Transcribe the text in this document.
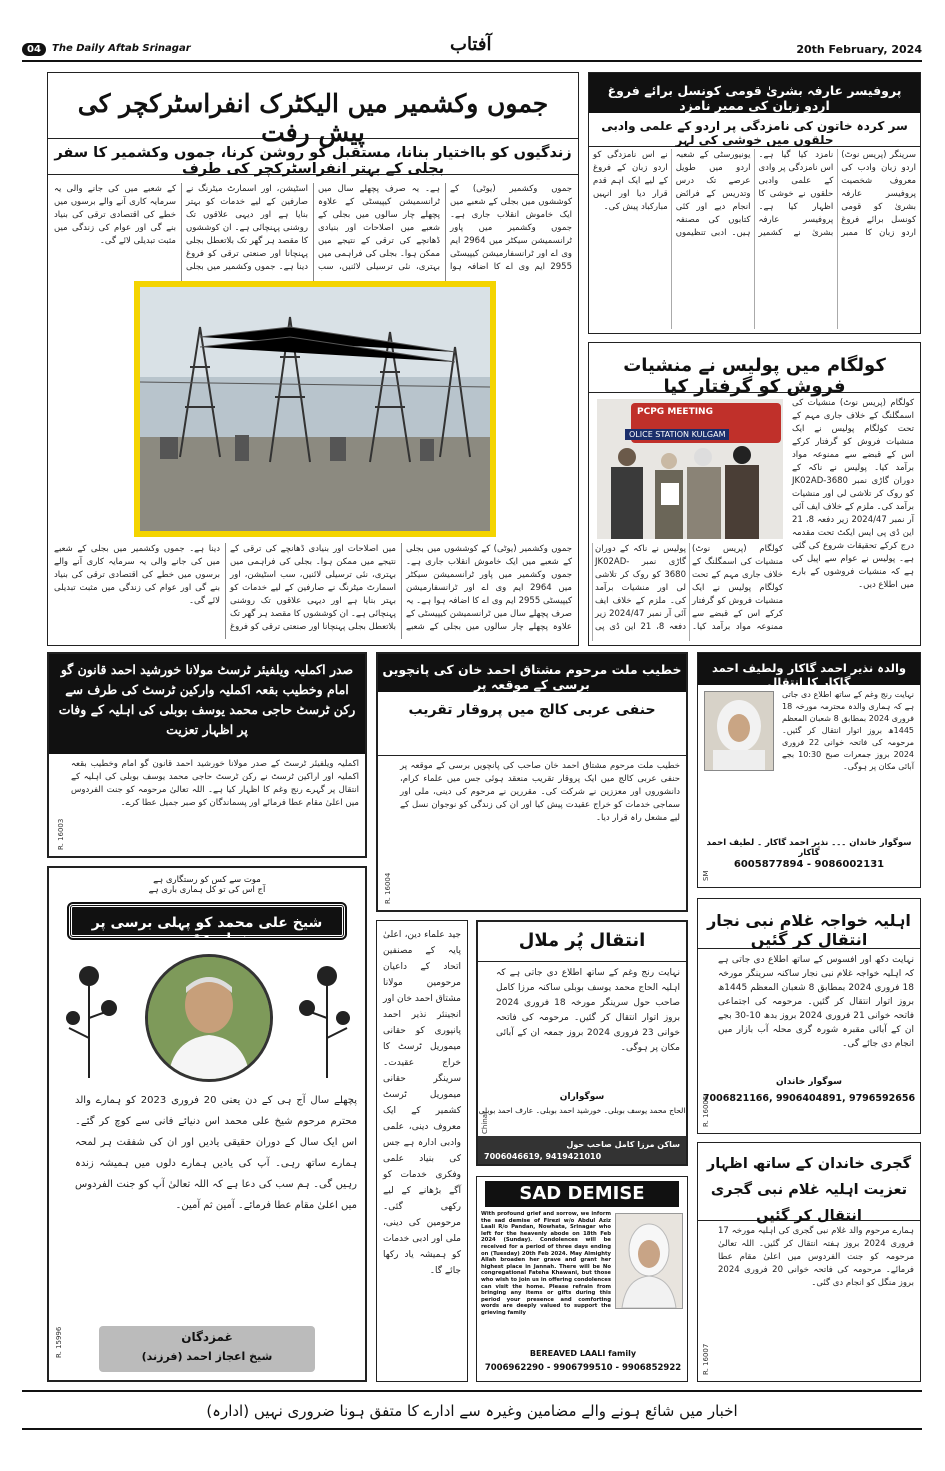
04	The Daily Aftab Srinagar	آفتاب	20th February, 2024
جموں وکشمیر میں الیکٹرک انفراسٹرکچر کی پیش رفت
زندگیوں کو بااختیار بنانا، مستقبل کو روشن کرنا، جموں وکشمیر کا سفر بجلی کے بہتر انفراسٹرکچر کی طرف
جموں وکشمیر (یوٹی) کے کوششوں میں بجلی کے شعبے میں ایک خاموش انقلاب جاری ہے۔ جموں وکشمیر میں پاور ٹرانسمیشن سیکٹر میں 2964 ایم وی اے اور ٹرانسفارمیشن کیپیسٹی 2955 ایم وی اے کا اضافہ ہوا ہے۔ یہ صرف پچھلے سال میں ٹرانسمیشن کیپیسٹی کے علاوہ پچھلے چار سالوں میں بجلی کے شعبے میں اصلاحات اور بنیادی ڈھانچے کی ترقی کے نتیجے میں ممکن ہوا۔ بجلی کی فراہمی میں بہتری، نئی ترسیلی لائنیں، سب اسٹیشن، اور اسمارٹ میٹرنگ نے صارفین کے لیے خدمات کو بہتر بنایا ہے اور دیہی علاقوں تک روشنی پہنچائی ہے۔ ان کوششوں کا مقصد ہر گھر تک بلاتعطل بجلی پہنچانا اور صنعتی ترقی کو فروغ دینا ہے۔ جموں وکشمیر میں بجلی کے شعبے میں کی جانے والی یہ سرمایہ کاری آنے والے برسوں میں خطے کی اقتصادی ترقی کی بنیاد بنے گی اور عوام کی زندگی میں مثبت تبدیلی لائے گی۔
جموں وکشمیر (یوٹی) کے کوششوں میں بجلی کے شعبے میں ایک خاموش انقلاب جاری ہے۔ جموں وکشمیر میں پاور ٹرانسمیشن سیکٹر میں 2964 ایم وی اے اور ٹرانسفارمیشن کیپیسٹی 2955 ایم وی اے کا اضافہ ہوا ہے۔ یہ صرف پچھلے سال میں ٹرانسمیشن کیپیسٹی کے علاوہ پچھلے چار سالوں میں بجلی کے شعبے میں اصلاحات اور بنیادی ڈھانچے کی ترقی کے نتیجے میں ممکن ہوا۔ بجلی کی فراہمی میں بہتری، نئی ترسیلی لائنیں، سب اسٹیشن، اور اسمارٹ میٹرنگ نے صارفین کے لیے خدمات کو بہتر بنایا ہے اور دیہی علاقوں تک روشنی پہنچائی ہے۔ ان کوششوں کا مقصد ہر گھر تک بلاتعطل بجلی پہنچانا اور صنعتی ترقی کو فروغ دینا ہے۔ جموں وکشمیر میں بجلی کے شعبے میں کی جانے والی یہ سرمایہ کاری آنے والے برسوں میں خطے کی اقتصادی ترقی کی بنیاد بنے گی اور عوام کی زندگی میں مثبت تبدیلی لائے گی۔
پروفیسر عارفہ بشریٰ قومی کونسل برائے فروغ اردو زبان کی ممبر نامزد
سر کردہ خاتون کی نامزدگی پر اردو کے علمی وادبی حلقوں میں خوشی کی لہر
سرینگر (پریس نوٹ) اردو زبان وادب کی معروف شخصیت پروفیسر عارفہ بشریٰ کو قومی کونسل برائے فروغ اردو زبان کا ممبر نامزد کیا گیا ہے۔ اس نامزدگی پر وادی کے علمی وادبی حلقوں نے خوشی کا اظہار کیا ہے۔ پروفیسر عارفہ بشریٰ نے کشمیر یونیورسٹی کے شعبہ اردو میں طویل عرصے تک درس وتدریس کے فرائض انجام دیے اور کئی کتابوں کی مصنفہ ہیں۔ ادبی تنظیموں نے اس نامزدگی کو اردو زبان کے فروغ کے لیے ایک اہم قدم قرار دیا اور انہیں مبارکباد پیش کی۔
کولگام میں پولیس نے منشیات فروش کو گرفتار کیا
کولگام (پریس نوٹ) منشیات کی اسمگلنگ کے خلاف جاری مہم کے تحت کولگام پولیس نے ایک منشیات فروش کو گرفتار کرکے اس کے قبضے سے ممنوعہ مواد برآمد کیا۔ پولیس نے ناکہ کے دوران گاڑی نمبر JK02AD-3680 کو روک کر تلاشی لی اور منشیات برآمد کی۔ ملزم کے خلاف ایف آئی آر نمبر 2024/47 زیر دفعہ 8، 21 این ڈی پی ایس ایکٹ تحت مقدمہ درج کرکے تحقیقات شروع کی گئی ہے۔ پولیس نے عوام سے اپیل کی ہے کہ منشیات فروشوں کے بارے میں اطلاع دیں۔
PCPG MEETING
OLICE STATION KULGAM
کولگام (پریس نوٹ) منشیات کی اسمگلنگ کے خلاف جاری مہم کے تحت کولگام پولیس نے ایک منشیات فروش کو گرفتار کرکے اس کے قبضے سے ممنوعہ مواد برآمد کیا۔ پولیس نے ناکہ کے دوران گاڑی نمبر JK02AD-3680 کو روک کر تلاشی لی اور منشیات برآمد کی۔ ملزم کے خلاف ایف آئی آر نمبر 2024/47 زیر دفعہ 8، 21 این ڈی پی
صدر اکملیہ ویلفیئر ٹرسٹ مولانا خورشید احمد قانون گو امام وخطیب بقعہ اکملیہ وارکین ٹرسٹ کی طرف سے رکن ٹرسٹ حاجی محمد یوسف بوبلی کی اہلیہ کے وفات پر اظہار تعزیت
اکملیہ ویلفیئر ٹرسٹ کے صدر مولانا خورشید احمد قانون گو امام وخطیب بقعہ اکملیہ اور اراکین ٹرسٹ نے رکن ٹرسٹ حاجی محمد یوسف بوبلی کی اہلیہ کے انتقال پر گہرے رنج وغم کا اظہار کیا ہے۔ اللہ تعالیٰ مرحومہ کو جنت الفردوس میں اعلیٰ مقام عطا فرمائے اور پسماندگان کو صبر جمیل عطا کرے۔
R. 16003
خطیب ملت مرحوم مشتاق احمد خان کی پانچویں برسی کے موقعہ پر
حنفی عربی کالج میں پروقار تقریب
خطیب ملت مرحوم مشتاق احمد خان صاحب کی پانچویں برسی کے موقعہ پر حنفی عربی کالج میں ایک پروقار تقریب منعقد ہوئی جس میں علماء کرام، دانشوروں اور معززین نے شرکت کی۔ مقررین نے مرحوم کی دینی، ملی اور سماجی خدمات کو خراج عقیدت پیش کیا اور ان کی زندگی کو نوجوان نسل کے لیے مشعل راہ قرار دیا۔
R. 16004
والدہ نذیر احمد گاکار ولطیف احمد گاکار کا انتقال
نہایت رنج وغم کے ساتھ اطلاع دی جاتی ہے کہ ہماری والدہ محترمہ مورخہ 18 فروری 2024 بمطابق 8 شعبان المعظم 1445ھ بروز اتوار انتقال کر گئیں۔ مرحومہ کی فاتحہ خوانی 22 فروری 2024 بروز جمعرات صبح 10:30 بجے آبائی مکان پر ہوگی۔
سوگوار خاندان ۔۔۔ نذیر احمد گاکار ۔ لطیف احمد گاکار
6005877894 - 9086002131
SM
اہلیہ خواجہ غلام نبی نجار انتقال کر گئیں
نہایت دکھ اور افسوس کے ساتھ اطلاع دی جاتی ہے کہ اہلیہ خواجہ غلام نبی نجار ساکنہ سرینگر مورخہ 18 فروری 2024 بمطابق 8 شعبان المعظم 1445ھ بروز اتوار انتقال کر گئیں۔ مرحومہ کی اجتماعی فاتحہ خوانی 21 فروری 2024 بروز بدھ 10-30 بجے ان کے آبائی مقبرہ شورہ گری محلہ آب بازار میں انجام دی جائے گی۔
سوگوار خاندان
7006821166, 9906404891, 9796592656
R. 16005
گجری خاندان کے ساتھ اظہار تعزیت اہلیہ غلام نبی گجری انتقال کر گئیں
ہمارے مرحوم والد غلام نبی گجری کی اہلیہ مورخہ 17 فروری 2024 بروز ہفتہ انتقال کر گئیں۔ اللہ تعالیٰ مرحومہ کو جنت الفردوس میں اعلیٰ مقام عطا فرمائے۔ مرحومہ کی فاتحہ خوانی 20 فروری 2024 بروز منگل کو انجام دی گئی۔
R. 16007
موت سے کس کو رستگاری ہے
آج اس کی تو کل ہماری باری ہے
شیخ علی محمد کو پہلی برسی پر خراج عقیدت
پچھلے سال آج ہی کے دن یعنی 20 فروری 2023 کو ہمارے والد محترم مرحوم شیخ علی محمد اس دنیائے فانی سے کوچ کر گئے۔ اس ایک سال کے دوران حقیقی یادیں اور ان کی شفقت ہر لمحہ ہمارے ساتھ رہی۔ آپ کی یادیں ہمارے دلوں میں ہمیشہ زندہ رہیں گی۔ ہم سب کی دعا ہے کہ اللہ تعالیٰ آپ کو جنت الفردوس میں اعلیٰ مقام عطا فرمائے۔ آمین ثم آمین۔
غمزدگان
شیخ اعجاز احمد (فرزند)
R. 15996
جید علماء دین، اعلیٰ پایہ کے مصنفین اتحاد کے داعیان مرحومین مولانا مشتاق احمد خان اور انجینئر نذیر احمد پانپوری کو حقانی میموریل ٹرسٹ کا خراج عقیدت۔ سرینگر حقانی میموریل ٹرسٹ کشمیر کے ایک معروف دینی، علمی وادبی ادارہ ہے جس کی بنیاد علمی وفکری خدمات کو آگے بڑھانے کے لیے رکھی گئی۔ مرحومین کی دینی، ملی اور ادبی خدمات کو ہمیشہ یاد رکھا جائے گا۔
انتقال پُر ملال
نہایت رنج وغم کے ساتھ اطلاع دی جاتی ہے کہ اہلیہ الحاج محمد یوسف بوبلی ساکنہ مرزا کامل صاحب حول سرینگر مورخہ 18 فروری 2024 بروز اتوار انتقال کر گئیں۔ مرحومہ کی فاتحہ خوانی 23 فروری 2024 بروز جمعہ ان کے آبائی مکان پر ہوگی۔
سوگواران
الحاج محمد یوسف بوبلی۔ خورشید احمد بوبلی۔ عارف احمد بوبلی
ساکن مرزا کامل صاحب حول
7006046619, 9419421010
Chinar
SAD DEMISE
With profound grief and sorrow, we inform the sad demise of Firezi w/o Abdul Aziz Laali R/o Pandan, Nowhata, Srinagar who left for the heavenly abode on 18th Feb 2024 (Sunday). Condolences will be received for a period of three days ending on (Tuesday) 20th Feb 2024. May Almighty Allah broaden her grave and grant her highest place in Jannah. There will be No congregational Fateha Khawani, but those who wish to join us in offering condolences can visit the home. Please refrain from bringing any items or gifts during this period your presence and comforting words are deeply valued to support the grieving family
BEREAVED LAALI family
7006962290 - 9906799510 - 9906852922
اخبار میں شائع ہونے والے مضامین وغیرہ سے ادارے کا متفق ہونا ضروری نہیں (ادارہ)
